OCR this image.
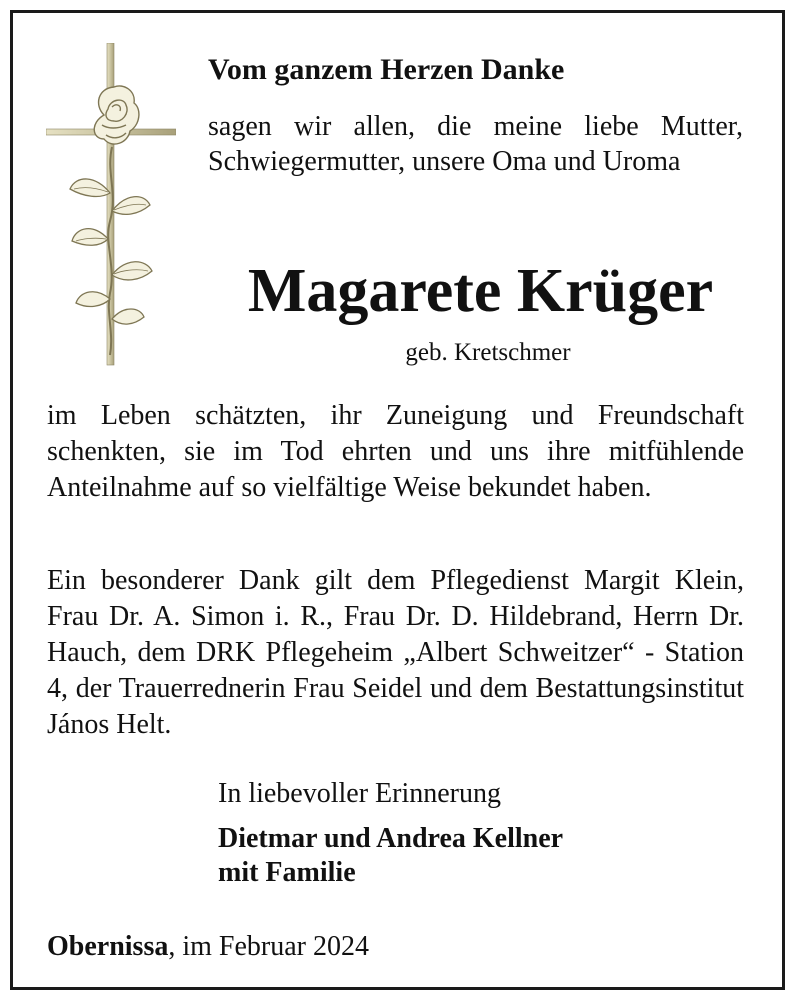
Vom ganzem Herzen Danke

sagen wir allen, die meine liebe Mutter, Schwiegermutter, unsere Oma und Uroma

Magarete Krüger

geb. Kretschmer

im Leben schätzten, ihr Zuneigung und Freundschaft schenkten, sie im Tod ehrten und uns ihre mitfühlende Anteilnahme auf so vielfältige Weise bekundet haben.

Ein besonderer Dank gilt dem Pflegedienst Margit Klein, Frau Dr. A. Simon i. R., Frau Dr. D. Hildebrand, Herrn Dr. Hauch, dem DRK Pflegeheim „Albert Schweitzer“ - Station 4, der Trauerrednerin Frau Seidel und dem Bestattungsinstitut János Helt.

In liebevoller Erinnerung

Dietmar und Andrea Kellner

mit Familie

Obernissa, im Februar 2024
